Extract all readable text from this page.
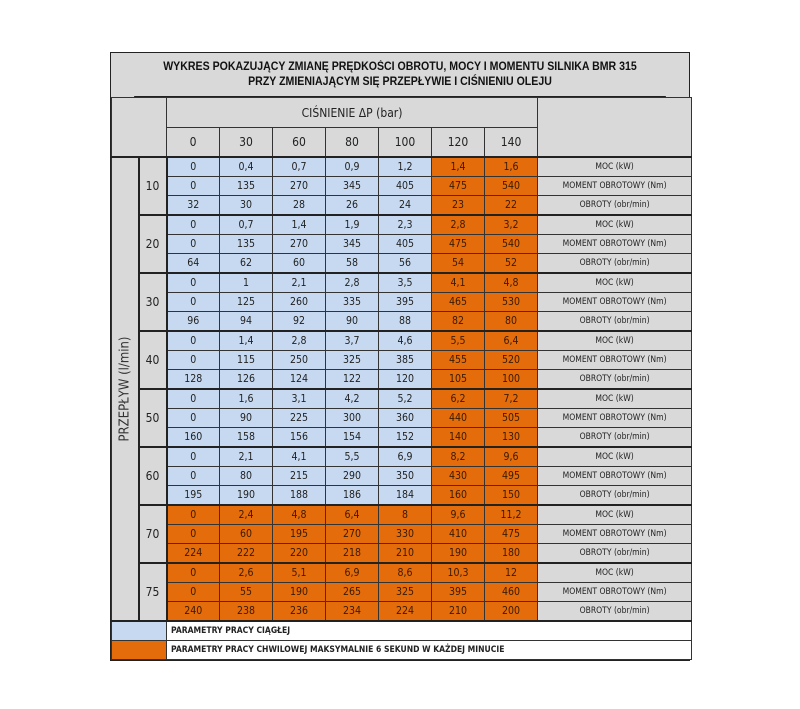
WYKRES POKAZUJĄCY ZMIANĘ PRĘDKOŚCI OBROTU, MOCY I MOMENTU SILNIKA BMR 315
PRZY ZMIENIAJĄCYM SIĘ PRZEPŁYWIE I CIŚNIENIU OLEJU
		CIŚNIENIE ΔP (bar)							
		0	30	60	80	100	120	140	

PRZEPŁYW (l/min)	10	0	0,4	0,7	0,9	1,2	1,4	1,6	MOC (kW)
		0	135	270	345	405	475	540	MOMENT OBROTOWY (Nm)
		32	30	28	26	24	23	22	OBROTY (obr/min)
	20	0	0,7	1,4	1,9	2,3	2,8	3,2	MOC (kW)
		0	135	270	345	405	475	540	MOMENT OBROTOWY (Nm)
		64	62	60	58	56	54	52	OBROTY (obr/min)
	30	0	1	2,1	2,8	3,5	4,1	4,8	MOC (kW)
		0	125	260	335	395	465	530	MOMENT OBROTOWY (Nm)
		96	94	92	90	88	82	80	OBROTY (obr/min)
	40	0	1,4	2,8	3,7	4,6	5,5	6,4	MOC (kW)
		0	115	250	325	385	455	520	MOMENT OBROTOWY (Nm)
		128	126	124	122	120	105	100	OBROTY (obr/min)
	50	0	1,6	3,1	4,2	5,2	6,2	7,2	MOC (kW)
		0	90	225	300	360	440	505	MOMENT OBROTOWY (Nm)
		160	158	156	154	152	140	130	OBROTY (obr/min)
	60	0	2,1	4,1	5,5	6,9	8,2	9,6	MOC (kW)
		0	80	215	290	350	430	495	MOMENT OBROTOWY (Nm)
		195	190	188	186	184	160	150	OBROTY (obr/min)
	70	0	2,4	4,8	6,4	8	9,6	11,2	MOC (kW)
		0	60	195	270	330	410	475	MOMENT OBROTOWY (Nm)
		224	222	220	218	210	190	180	OBROTY (obr/min)
	75	0	2,6	5,1	6,9	8,6	10,3	12	MOC (kW)
		0	55	190	265	325	395	460	MOMENT OBROTOWY (Nm)
		240	238	236	234	224	210	200	OBROTY (obr/min)
		PARAMETRY PRACY CIĄGŁEJ							
		PARAMETRY PRACY CHWILOWEJ MAKSYMALNIE 6 SEKUND W KAŻDEJ MINUCIE							
